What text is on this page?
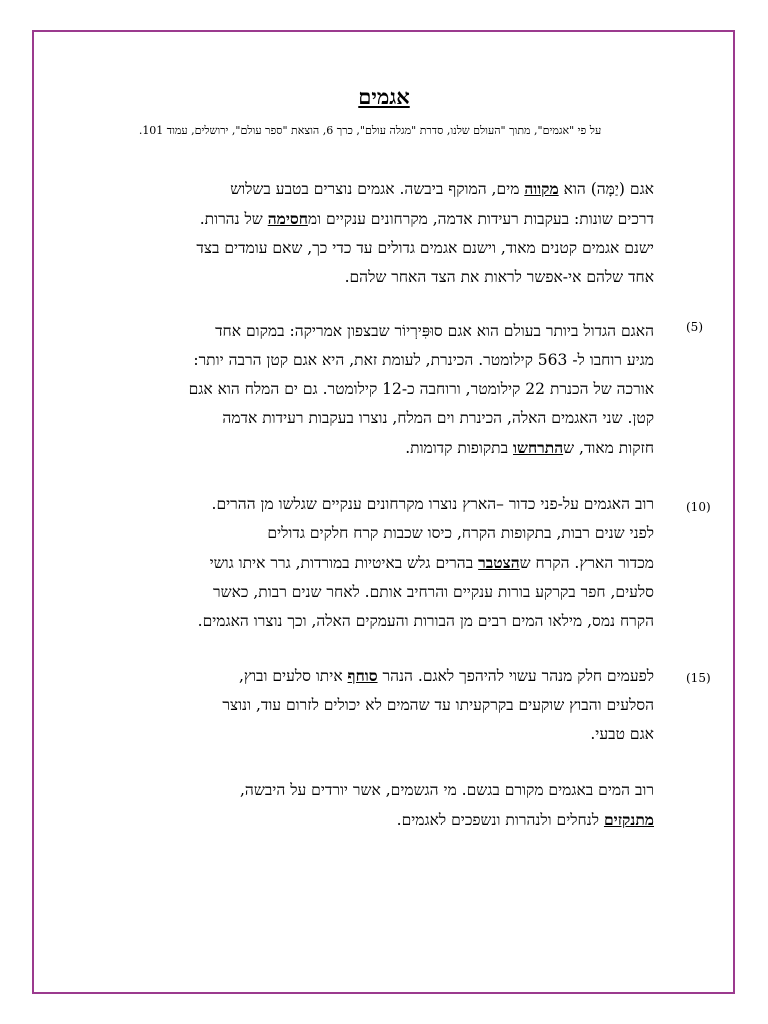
אגמים
על פי "אגמים", מתוך "העולם שלנו, סדרת "מגלה עולם", כרך 6, הוצאת "ספר עולם", ירושלים, עמוד 101.
אגם (יַמָּה) הוא מקווה מים, המוקף ביבשה. אגמים נוצרים בטבע בשלוש
דרכים שונות: בעקבות רעידות אדמה, מקרחונים ענקיים ומחסימה של נהרות.
ישנם אגמים קטנים מאוד, וישנם אגמים גדולים עד כדי כך, שאם עומדים בצד
אחד שלהם אי-אפשר לראות את הצד האחר שלהם.
(5)
האגם הגדול ביותר בעולם הוא אגם סוּפִּירְיוֹר שבצפון אמריקה: במקום אחד
מגיע רוחבו ל- 563 קילומטר. הכינרת, לעומת זאת, היא אגם קטן הרבה יותר:
אורכה של הכנרת 22 קילומטר, ורוחבה כ-12 קילומטר. גם ים המלח הוא אגם
קטן. שני האגמים האלה, הכינרת וים המלח, נוצרו בעקבות רעידות אדמה
חזקות מאוד, שהתרחשו בתקופות קדומות.
(10)
רוב האגמים על-פני כדור –הארץ נוצרו מקרחונים ענקיים שגלשו מן ההרים.
לפני שנים רבות, בתקופות הקרח, כיסו שכבות קרח חלקים גדולים
מכדור הארץ. הקרח שהצטבר בהרים גלש באיטיות במורדות, גרר איתו גושי
סלעים, חפר בקרקע בורות ענקיים והרחיב אותם. לאחר שנים רבות, כאשר
הקרח נמס, מילאו המים רבים מן הבורות והעמקים האלה, וכך נוצרו האגמים.
(15)
לפעמים חלק מנהר עשוי להיהפך לאגם. הנהר סוחף איתו סלעים ובוץ,
הסלעים והבוץ שוקעים בקרקעיתו עד שהמים לא יכולים לזרום עוד, ונוצר
אגם טבעי.
רוב המים באגמים מקורם בגשם. מי הגשמים, אשר יורדים על היבשה,
מתנקזים לנחלים ולנהרות ונשפכים לאגמים.
